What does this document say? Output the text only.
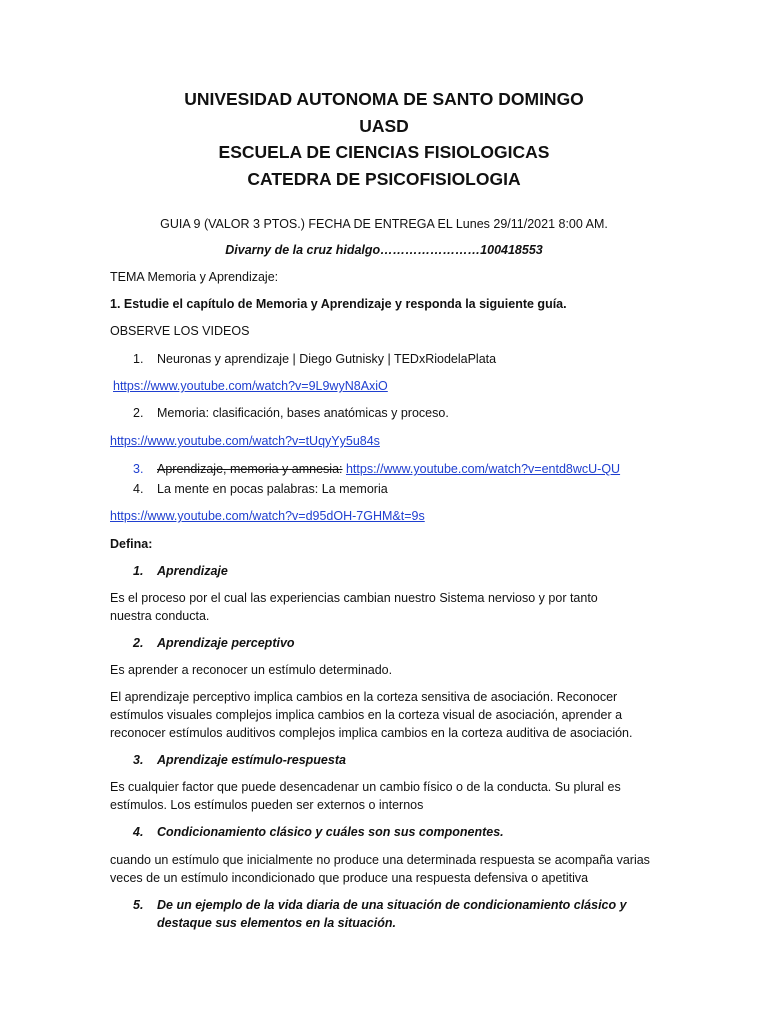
UNIVESIDAD AUTONOMA DE SANTO DOMINGO
UASD
ESCUELA DE CIENCIAS FISIOLOGICAS
CATEDRA DE PSICOFISIOLOGIA
GUIA 9 (VALOR 3 PTOS.) FECHA DE ENTREGA EL Lunes 29/11/2021 8:00 AM.
Divarny de la cruz hidalgo……………………100418553
TEMA Memoria y Aprendizaje:
1. Estudie el capítulo de Memoria y Aprendizaje y responda la siguiente guía.
OBSERVE LOS VIDEOS
1. Neuronas y aprendizaje | Diego Gutnisky | TEDxRiodelaPlata
https://www.youtube.com/watch?v=9L9wyN8AxiO
2. Memoria: clasificación, bases anatómicas y proceso.
https://www.youtube.com/watch?v=tUqyYy5u84s
3. Aprendizaje, memoria y amnesia: https://www.youtube.com/watch?v=entd8wcU-QU
4. La mente en pocas palabras: La memoria
https://www.youtube.com/watch?v=d95dOH-7GHM&t=9s
Defina:
1. Aprendizaje
Es el proceso por el cual las experiencias cambian nuestro Sistema nervioso y por tanto nuestra conducta.
2. Aprendizaje perceptivo
Es aprender a reconocer un estímulo determinado.
El aprendizaje perceptivo implica cambios en la corteza sensitiva de asociación. Reconocer estímulos visuales complejos implica cambios en la corteza visual de asociación, aprender a reconocer estímulos auditivos complejos implica cambios en la corteza auditiva de asociación.
3. Aprendizaje estímulo-respuesta
Es cualquier factor que puede desencadenar un cambio físico o de la conducta. Su plural es estímulos. Los estímulos pueden ser externos o internos
4. Condicionamiento clásico y cuáles son sus componentes.
cuando un estímulo que inicialmente no produce una determinada respuesta se acompaña varias veces de un estímulo incondicionado que produce una respuesta defensiva o apetitiva
5. De un ejemplo de la vida diaria de una situación de condicionamiento clásico y destaque sus elementos en la situación.
